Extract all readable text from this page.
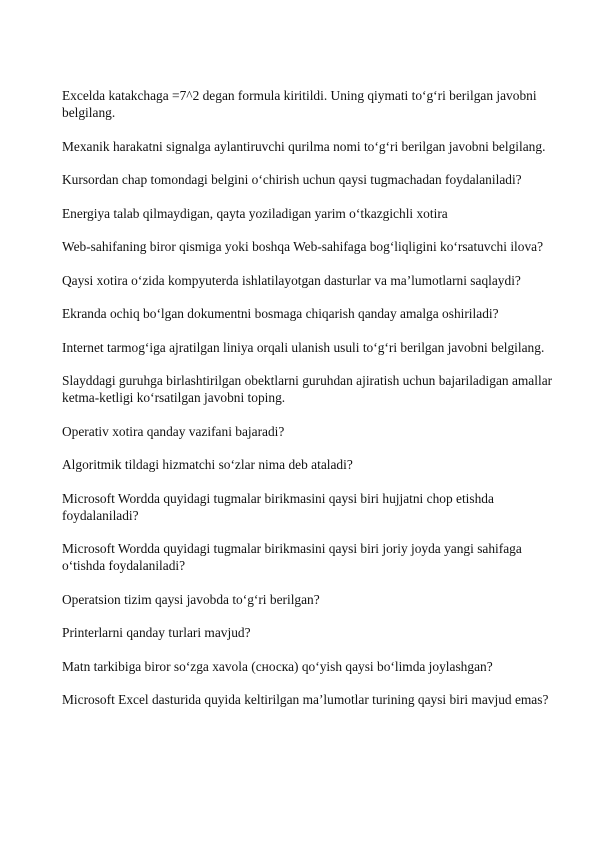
Excelda katakchaga =7^2 degan formula kiritildi. Uning qiymati to‘g‘ri berilgan javobni belgilang.

Mexanik harakatni signalga aylantiruvchi qurilma nomi to‘g‘ri berilgan javobni belgilang.

Kursordan chap tomondagi belgini o‘chirish uchun qaysi tugmachadan foydalaniladi?

Energiya talab qilmaydigan, qayta yoziladigan yarim o‘tkazgichli xotira

Web-sahifaning biror qismiga yoki boshqa Web-sahifaga bog‘liqligini ko‘rsatuvchi ilova?

Qaysi xotira o‘zida kompyuterda ishlatilayotgan dasturlar va ma’lumotlarni saqlaydi?

Ekranda ochiq bo‘lgan dokumentni bosmaga chiqarish qanday amalga oshiriladi?

Internet tarmog‘iga ajratilgan liniya orqali ulanish usuli to‘g‘ri berilgan javobni belgilang.

Slayddagi guruhga birlashtirilgan obektlarni guruhdan ajiratish uchun bajariladigan amallar ketma-ketligi ko‘rsatilgan javobni toping.

Operativ xotira qanday vazifani bajaradi?

Algoritmik tildagi hizmatchi so‘zlar nima deb ataladi?

Microsoft Wordda quyidagi tugmalar birikmasini qaysi biri hujjatni chop etishda foydalaniladi?

Microsoft Wordda quyidagi tugmalar birikmasini qaysi biri joriy joyda yangi sahifaga o‘tishda foydalaniladi?

Operatsion tizim qaysi javobda to‘g‘ri berilgan?

Printerlarni qanday turlari mavjud?

Matn tarkibiga biror so‘zga xavola (сноска) qo‘yish qaysi bo‘limda joylashgan?

Microsoft Excel dasturida quyida keltirilgan ma’lumotlar turining qaysi biri mavjud emas?
